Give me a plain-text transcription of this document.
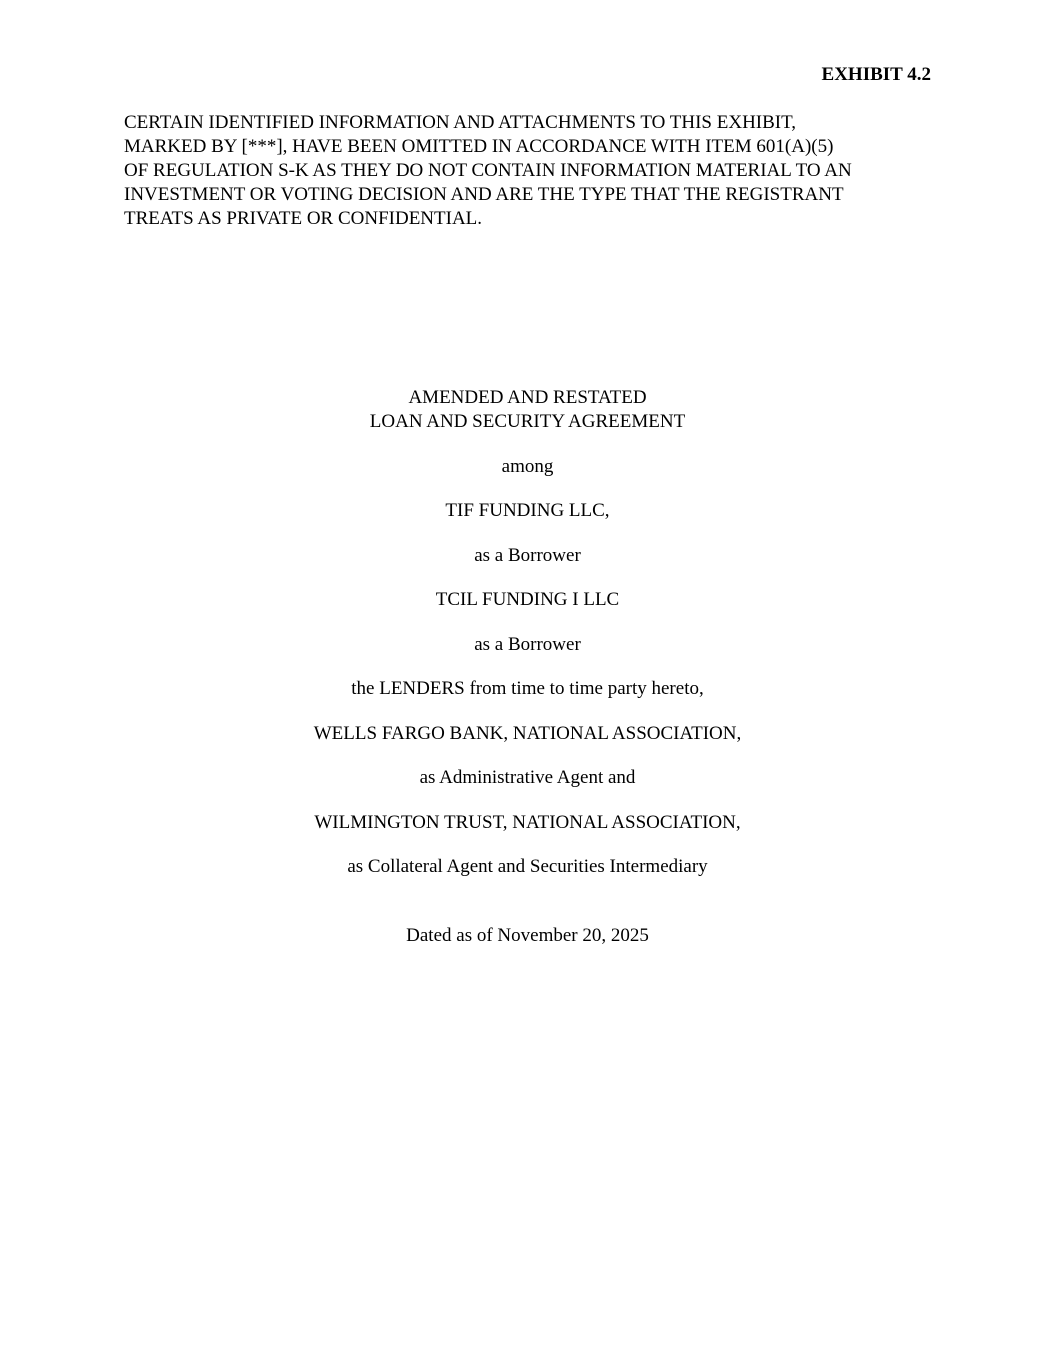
EXHIBIT 4.2
CERTAIN IDENTIFIED INFORMATION AND ATTACHMENTS TO THIS EXHIBIT,
MARKED BY [***], HAVE BEEN OMITTED IN ACCORDANCE WITH ITEM 601(A)(5)
OF REGULATION S-K AS THEY DO NOT CONTAIN INFORMATION MATERIAL TO AN
INVESTMENT OR VOTING DECISION AND ARE THE TYPE THAT THE REGISTRANT
TREATS AS PRIVATE OR CONFIDENTIAL.
AMENDED AND RESTATED
LOAN AND SECURITY AGREEMENT
among
TIF FUNDING LLC,
as a Borrower
TCIL FUNDING I LLC
as a Borrower
the LENDERS from time to time party hereto,
WELLS FARGO BANK, NATIONAL ASSOCIATION,
as Administrative Agent and
WILMINGTON TRUST, NATIONAL ASSOCIATION,
as Collateral Agent and Securities Intermediary
Dated as of November 20, 2025
